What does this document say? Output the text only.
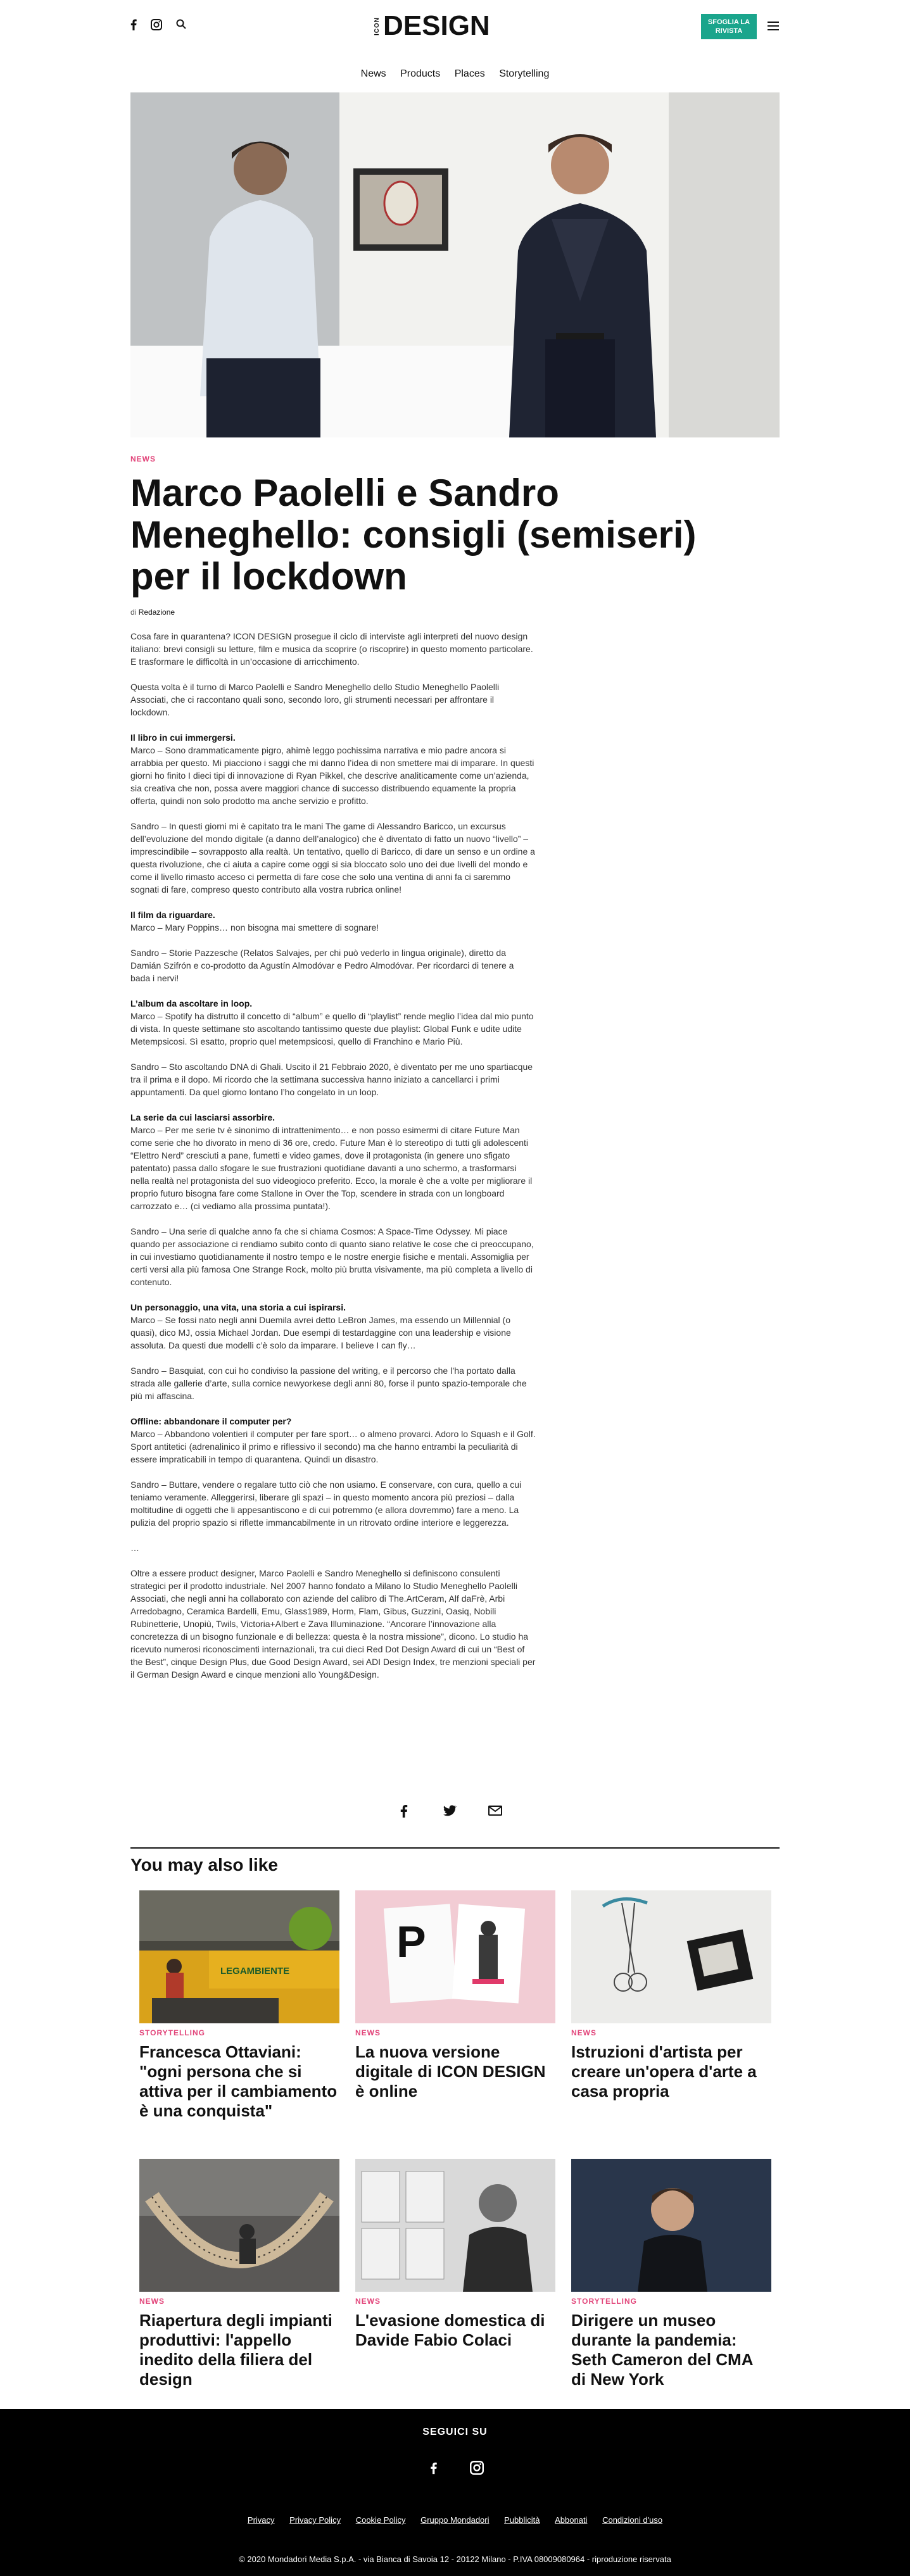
ICON DESIGN	SFOGLIA LA RIVISTA
News Products Places Storytelling
NEWS
Marco Paolelli e Sandro Meneghello: consigli (semiseri) per il lockdown
di Redazione

Cosa fare in quarantena? ICON DESIGN prosegue il ciclo di interviste agli interpreti del nuovo design italiano: brevi consigli su letture, film e musica da scoprire (o riscoprire) in questo momento particolare. E trasformare le difficoltà in un’occasione di arricchimento.

Questa volta è il turno di Marco Paolelli e Sandro Meneghello dello Studio Meneghello Paolelli Associati, che ci raccontano quali sono, secondo loro, gli strumenti necessari per affrontare il lockdown.

Il libro in cui immergersi.
Marco – Sono drammaticamente pigro, ahimè leggo pochissima narrativa e mio padre ancora si arrabbia per questo. Mi piacciono i saggi che mi danno l’idea di non smettere mai di imparare. In questi giorni ho finito I dieci tipi di innovazione di Ryan Pikkel, che descrive analiticamente come un’azienda, sia creativa che non, possa avere maggiori chance di successo distribuendo equamente la propria offerta, quindi non solo prodotto ma anche servizio e profitto.

Sandro – In questi giorni mi è capitato tra le mani The game di Alessandro Baricco, un excursus dell’evoluzione del mondo digitale (a danno dell’analogico) che è diventato di fatto un nuovo “livello” – imprescindibile – sovrapposto alla realtà. Un tentativo, quello di Baricco, di dare un senso e un ordine a questa rivoluzione, che ci aiuta a capire come oggi si sia bloccato solo uno dei due livelli del mondo e come il livello rimasto acceso ci permetta di fare cose che solo una ventina di anni fa ci saremmo sognati di fare, compreso questo contributo alla vostra rubrica online!

Il film da riguardare.
Marco – Mary Poppins… non bisogna mai smettere di sognare!

Sandro – Storie Pazzesche (Relatos Salvajes, per chi può vederlo in lingua originale), diretto da Damián Szifrón e co-prodotto da Agustín Almodóvar e Pedro Almodóvar. Per ricordarci di tenere a bada i nervi!

L’album da ascoltare in loop.
Marco – Spotify ha distrutto il concetto di “album” e quello di “playlist” rende meglio l’idea dal mio punto di vista. In queste settimane sto ascoltando tantissimo queste due playlist: Global Funk e udite udite Metempsicosi. Sì esatto, proprio quel metempsicosi, quello di Franchino e Mario Più.

Sandro – Sto ascoltando DNA di Ghali. Uscito il 21 Febbraio 2020, è diventato per me uno spartiacque tra il prima e il dopo. Mi ricordo che la settimana successiva hanno iniziato a cancellarci i primi appuntamenti. Da quel giorno lontano l’ho congelato in un loop.

La serie da cui lasciarsi assorbire.
Marco – Per me serie tv è sinonimo di intrattenimento… e non posso esimermi di citare Future Man come serie che ho divorato in meno di 36 ore, credo. Future Man è lo stereotipo di tutti gli adolescenti “Elettro Nerd” cresciuti a pane, fumetti e video games, dove il protagonista (in genere uno sfigato patentato) passa dallo sfogare le sue frustrazioni quotidiane davanti a uno schermo, a trasformarsi nella realtà nel protagonista del suo videogioco preferito. Ecco, la morale è che a volte per migliorare il proprio futuro bisogna fare come Stallone in Over the Top, scendere in strada con un longboard carrozzato e… (ci vediamo alla prossima puntata!).

Sandro – Una serie di qualche anno fa che si chiama Cosmos: A Space-Time Odyssey. Mi piace quando per associazione ci rendiamo subito conto di quanto siano relative le cose che ci preoccupano, in cui investiamo quotidianamente il nostro tempo e le nostre energie fisiche e mentali. Assomiglia per certi versi alla più famosa One Strange Rock, molto più brutta visivamente, ma più completa a livello di contenuto.

Un personaggio, una vita, una storia a cui ispirarsi.
Marco – Se fossi nato negli anni Duemila avrei detto LeBron James, ma essendo un Millennial (o quasi), dico MJ, ossia Michael Jordan. Due esempi di testardaggine con una leadership e visione assoluta. Da questi due modelli c’è solo da imparare. I believe I can fly…

Sandro – Basquiat, con cui ho condiviso la passione del writing, e il percorso che l’ha portato dalla strada alle gallerie d’arte, sulla cornice newyorkese degli anni 80, forse il punto spazio-temporale che più mi affascina.

Offline: abbandonare il computer per?
Marco – Abbandono volentieri il computer per fare sport… o almeno provarci. Adoro lo Squash e il Golf. Sport antitetici (adrenalinico il primo e riflessivo il secondo) ma che hanno entrambi la peculiarità di essere impraticabili in tempo di quarantena. Quindi un disastro.

Sandro – Buttare, vendere o regalare tutto ciò che non usiamo. E conservare, con cura, quello a cui teniamo veramente. Alleggerirsi, liberare gli spazi – in questo momento ancora più preziosi – dalla moltitudine di oggetti che li appesantiscono e di cui potremmo (e allora dovremmo) fare a meno. La pulizia del proprio spazio si riflette immancabilmente in un ritrovato ordine interiore e leggerezza.

…

Oltre a essere product designer, Marco Paolelli e Sandro Meneghello si definiscono consulenti strategici per il prodotto industriale. Nel 2007 hanno fondato a Milano lo Studio Meneghello Paolelli Associati, che negli anni ha collaborato con aziende del calibro di The.ArtCeram, Alf daFrè, Arbi Arredobagno, Ceramica Bardelli, Emu, Glass1989, Horm, Flam, Gibus, Guzzini, Oasiq, Nobili Rubinetterie, Unopiù, Twils, Victoria+Albert e Zava Illuminazione. “Ancorare l’innovazione alla concretezza di un bisogno funzionale e di bellezza: questa è la nostra missione”, dicono. Lo studio ha ricevuto numerosi riconoscimenti internazionali, tra cui dieci Red Dot Design Award di cui un “Best of the Best”, cinque Design Plus, due Good Design Award, sei ADI Design Index, tre menzioni speciali per il German Design Award e cinque menzioni allo Young&Design.

You may also like
LEGAMBIENTE
STORYTELLING
Francesca Ottaviani: "ogni persona che si attiva per il cambiamento è una conquista"
P
NEWS
La nuova versione digitale di ICON DESIGN è online
NEWS
Istruzioni d'artista per creare un'opera d'arte a casa propria
NEWS
Riapertura degli impianti produttivi: l'appello inedito della filiera del design
NEWS
L'evasione domestica di Davide Fabio Colaci
STORYTELLING
Dirigere un museo durante la pandemia: Seth Cameron del CMA di New York
SEGUICI SU
Privacy Privacy Policy Cookie Policy Gruppo Mondadori Pubblicità Abbonati Condizioni d'uso
© 2020 Mondadori Media S.p.A. - via Bianca di Savoia 12 - 20122 Milano - P.IVA 08009080964 - riproduzione riservata
